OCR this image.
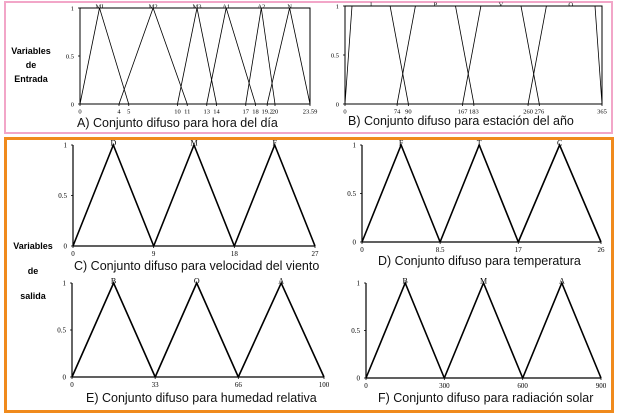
Variables
de
Entrada
Variables
de
salida
A) Conjunto difuso para hora del día	B) Conjunto difuso para estación del año
C) Conjunto difuso para velocidad del viento	D) Conjunto difuso para temperatura
E) Conjunto difuso para humedad relativa	F) Conjunto difuso para radiación solar
0
0.5
1
0	4 5	10 11 13 14	17 18 19.2
20	23.59
MI	M2	M3	A1	A2	N
0
0.5
1
0	74 90	167 183	260 276	365
I	P	V	O
0
0.5
1
0	9	18	27
D	M	F
0
0.5
1
0	8.5	17	26
F	T	C
0
0.5
1
0	33	66	100
B	O	A
0
0.5
1
0	300	600	900
B	M	A
